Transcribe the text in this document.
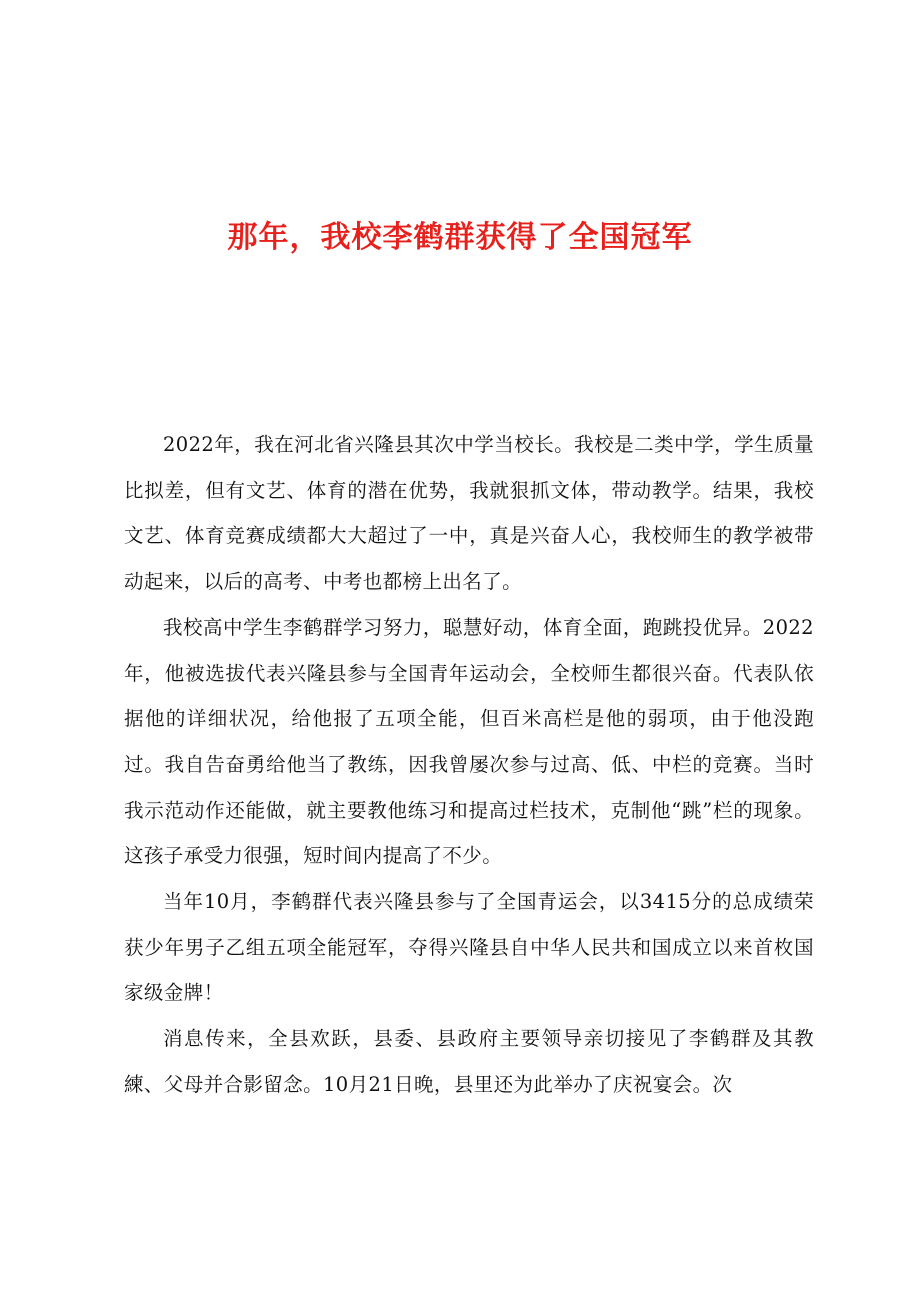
那年，我校李鹤群获得了全国冠军

2022年，我在河北省兴隆县其次中学当校长。我校是二类中学，学生质量比拟差，但有文艺、体育的潜在优势，我就狠抓文体，带动教学。结果，我校文艺、体育竞赛成绩都大大超过了一中，真是兴奋人心，我校师生的教学被带动起来，以后的高考、中考也都榜上出名了。

我校高中学生李鹤群学习努力，聪慧好动，体育全面，跑跳投优异。2022年，他被选拔代表兴隆县参与全国青年运动会，全校师生都很兴奋。代表队依据他的详细状况，给他报了五项全能，但百米高栏是他的弱项，由于他没跑过。我自告奋勇给他当了教练，因我曾屡次参与过高、低、中栏的竞赛。当时我示范动作还能做，就主要教他练习和提高过栏技术，克制他“跳”栏的现象。这孩子承受力很强，短时间内提高了不少。

当年10月，李鹤群代表兴隆县参与了全国青运会，以3415分的总成绩荣获少年男子乙组五项全能冠军，夺得兴隆县自中华人民共和国成立以来首枚国家级金牌！

消息传来，全县欢跃，县委、县政府主要领导亲切接见了李鹤群及其教練、父母并合影留念。10月21日晚，县里还为此举办了庆祝宴会。次
